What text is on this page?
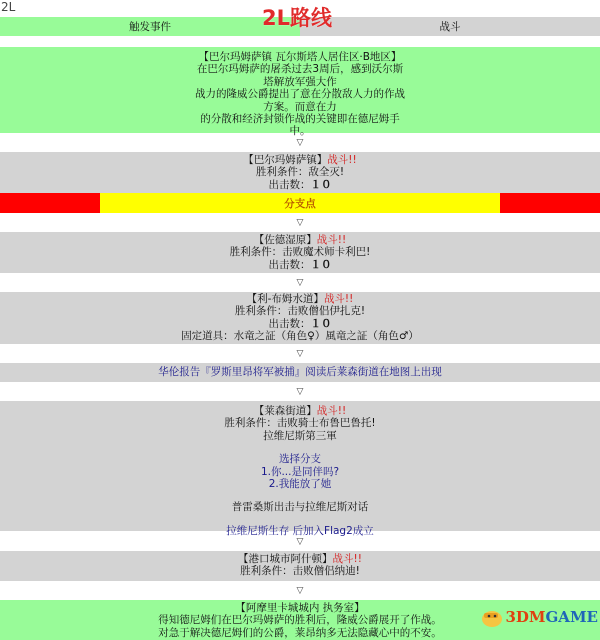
2L	2L路线
触发事件	战斗
【巴尔玛姆萨镇 瓦尔斯塔人居住区·B地区】
在巴尔玛姆萨的屠杀过去3周后，感到沃尔斯
塔解放军强大作
战力的隆威公爵提出了意在分散敌人力的作战
方案。而意在力
的分散和经济封锁作战的关键即在德尼姆手
中。
▽
【巴尔玛姆萨镇】战斗!!
胜利条件：敌全灭!
出击数：１０
分支点
▽
【佐德湿原】战斗!!
胜利条件：击败魔术师卡利巴!
出击数：１０
▽
【利-布姆水道】战斗!!
胜利条件：击败僧侣伊扎克!
出击数：１０
固定道具：水竜之証（角色♀）風竜之証（角色♂）
▽
华伦报告『罗斯里昂将军被捕』阅读后莱森街道在地图上出现
▽
【莱森街道】战斗!!
胜利条件：击败骑士布鲁巴鲁托!
拉维尼斯第三軍
选择分支
1.你...是同伴吗?
2.我能放了她
普雷桑斯出击与拉维尼斯对话
拉维尼斯生存 后加入Flag2成立
▽
【港口城市阿什顿】战斗!!
胜利条件：击败僧侣纳迪!
▽
【阿摩里卡城城内 执务室】
得知德尼姆们在巴尔玛姆萨的胜利后，隆威公爵展开了作战。
对急于解决德尼姆们的公爵，莱昂纳多无法隐藏心中的不安。
3DMGAME
